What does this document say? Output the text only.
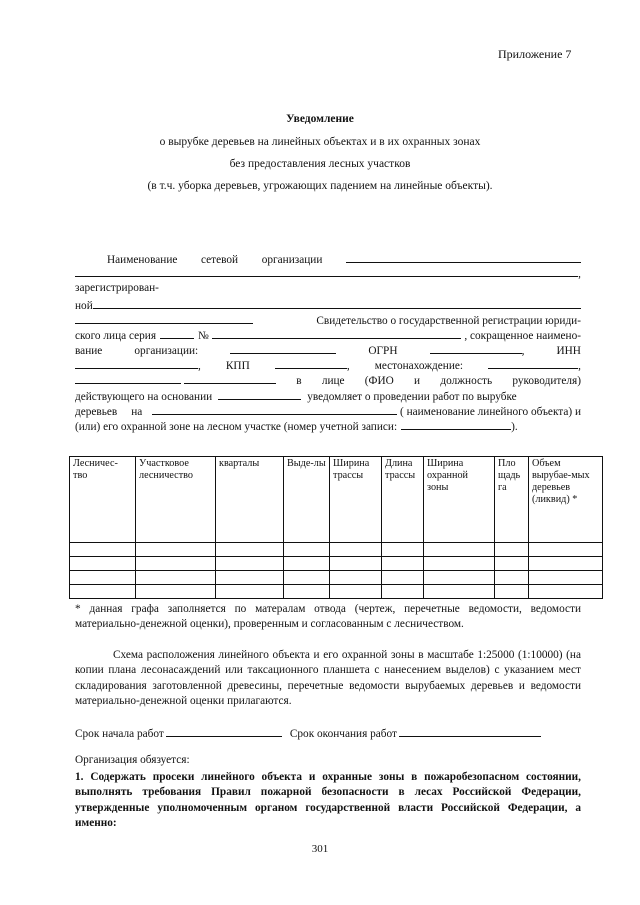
Приложение 7
Уведомление
о вырубке деревьев на линейных объектах и в их охранных зонах
без предоставления лесных участков
(в т.ч. уборка деревьев, угрожающих падением на линейные объекты).
Наименование сетевой организации
,
зарегистрирован-
ной
Свидетельство о государственной регистрации юриди-
ского лица серия	№	, сокращенное наимено-
вание	организации:	ОГРН	,	ИНН
, КПП	, местонахождение:	,
в лице (ФИО и должность руководителя)
действующего на основании	уведомляет о проведении работ по вырубке
деревьев на	( наименование линейного объекта) и
(или) его охранной зоне на лесном участке (номер учетной записи:	).
Лесничес-тво	Участковое лесничество	кварталы	Выде-лы	Ширина трассы	Длина трассы	Ширина охранной зоны	Пло щадь га	Объем вырубае-мых деревьев (ликвид) *

* данная графа заполняется по матералам отвода (чертеж, перечетные ведомости, ведомости материально-денежной оценки), проверенным и согласованным с лесничеством.
Схема расположения линейного объекта и его охранной зоны в масштабе 1:25000 (1:10000) (на копии плана лесонасаждений или таксационного планшета с нанесением выделов) с указанием мест складирования заготовленной древесины, перечетные ведомости вырубаемых деревьев и ведомости материально-денежной оценки прилагаются.
Срок начала работ	Срок окончания работ
Организация обязуется:
1. Содержать просеки линейного объекта и охранные зоны в пожаробезопасном состоянии, выполнять требования Правил пожарной безопасности в лесах Российской Федерации, утвержденные уполномоченным органом государственной власти Российской Федерации, а именно:
301
